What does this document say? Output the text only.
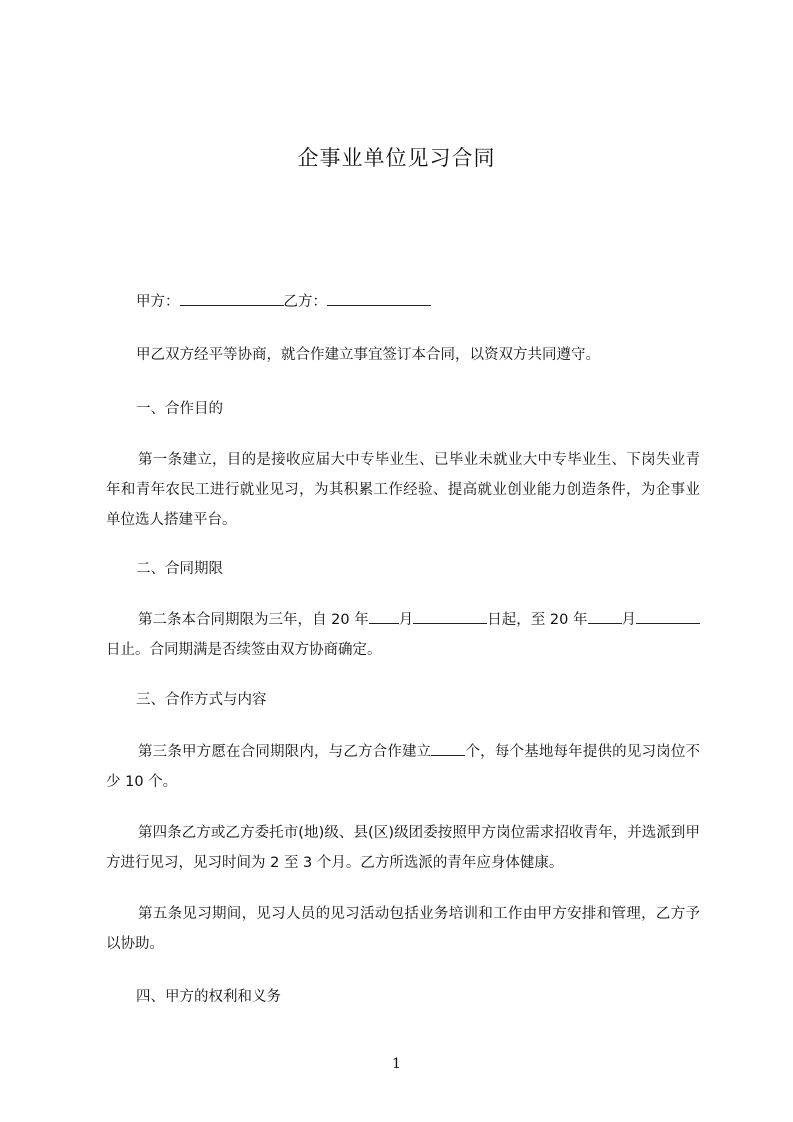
企事业单位见习合同
甲方：	乙方：
甲乙双方经平等协商，就合作建立事宜签订本合同，以资双方共同遵守。
一、合作目的
第一条建立，目的是接收应届大中专毕业生、已毕业未就业大中专毕业生、下岗失业青年和青年农民工进行就业见习，为其积累工作经验、提高就业创业能力创造条件，为企事业单位选人搭建平台。
二、合同期限
第二条本合同期限为三年，自 20 年 月	日起，至 20 年 月日止。合同期满是否续签由双方协商确定。
三、合作方式与内容
第三条甲方愿在合同期限内，与乙方合作建立 个，每个基地每年提供的见习岗位不少 10 个。
第四条乙方或乙方委托市(地)级、县(区)级团委按照甲方岗位需求招收青年，并选派到甲方进行见习，见习时间为 2 至 3 个月。乙方所选派的青年应身体健康。
第五条见习期间，见习人员的见习活动包括业务培训和工作由甲方安排和管理，乙方予以协助。
四、甲方的权利和义务
1
